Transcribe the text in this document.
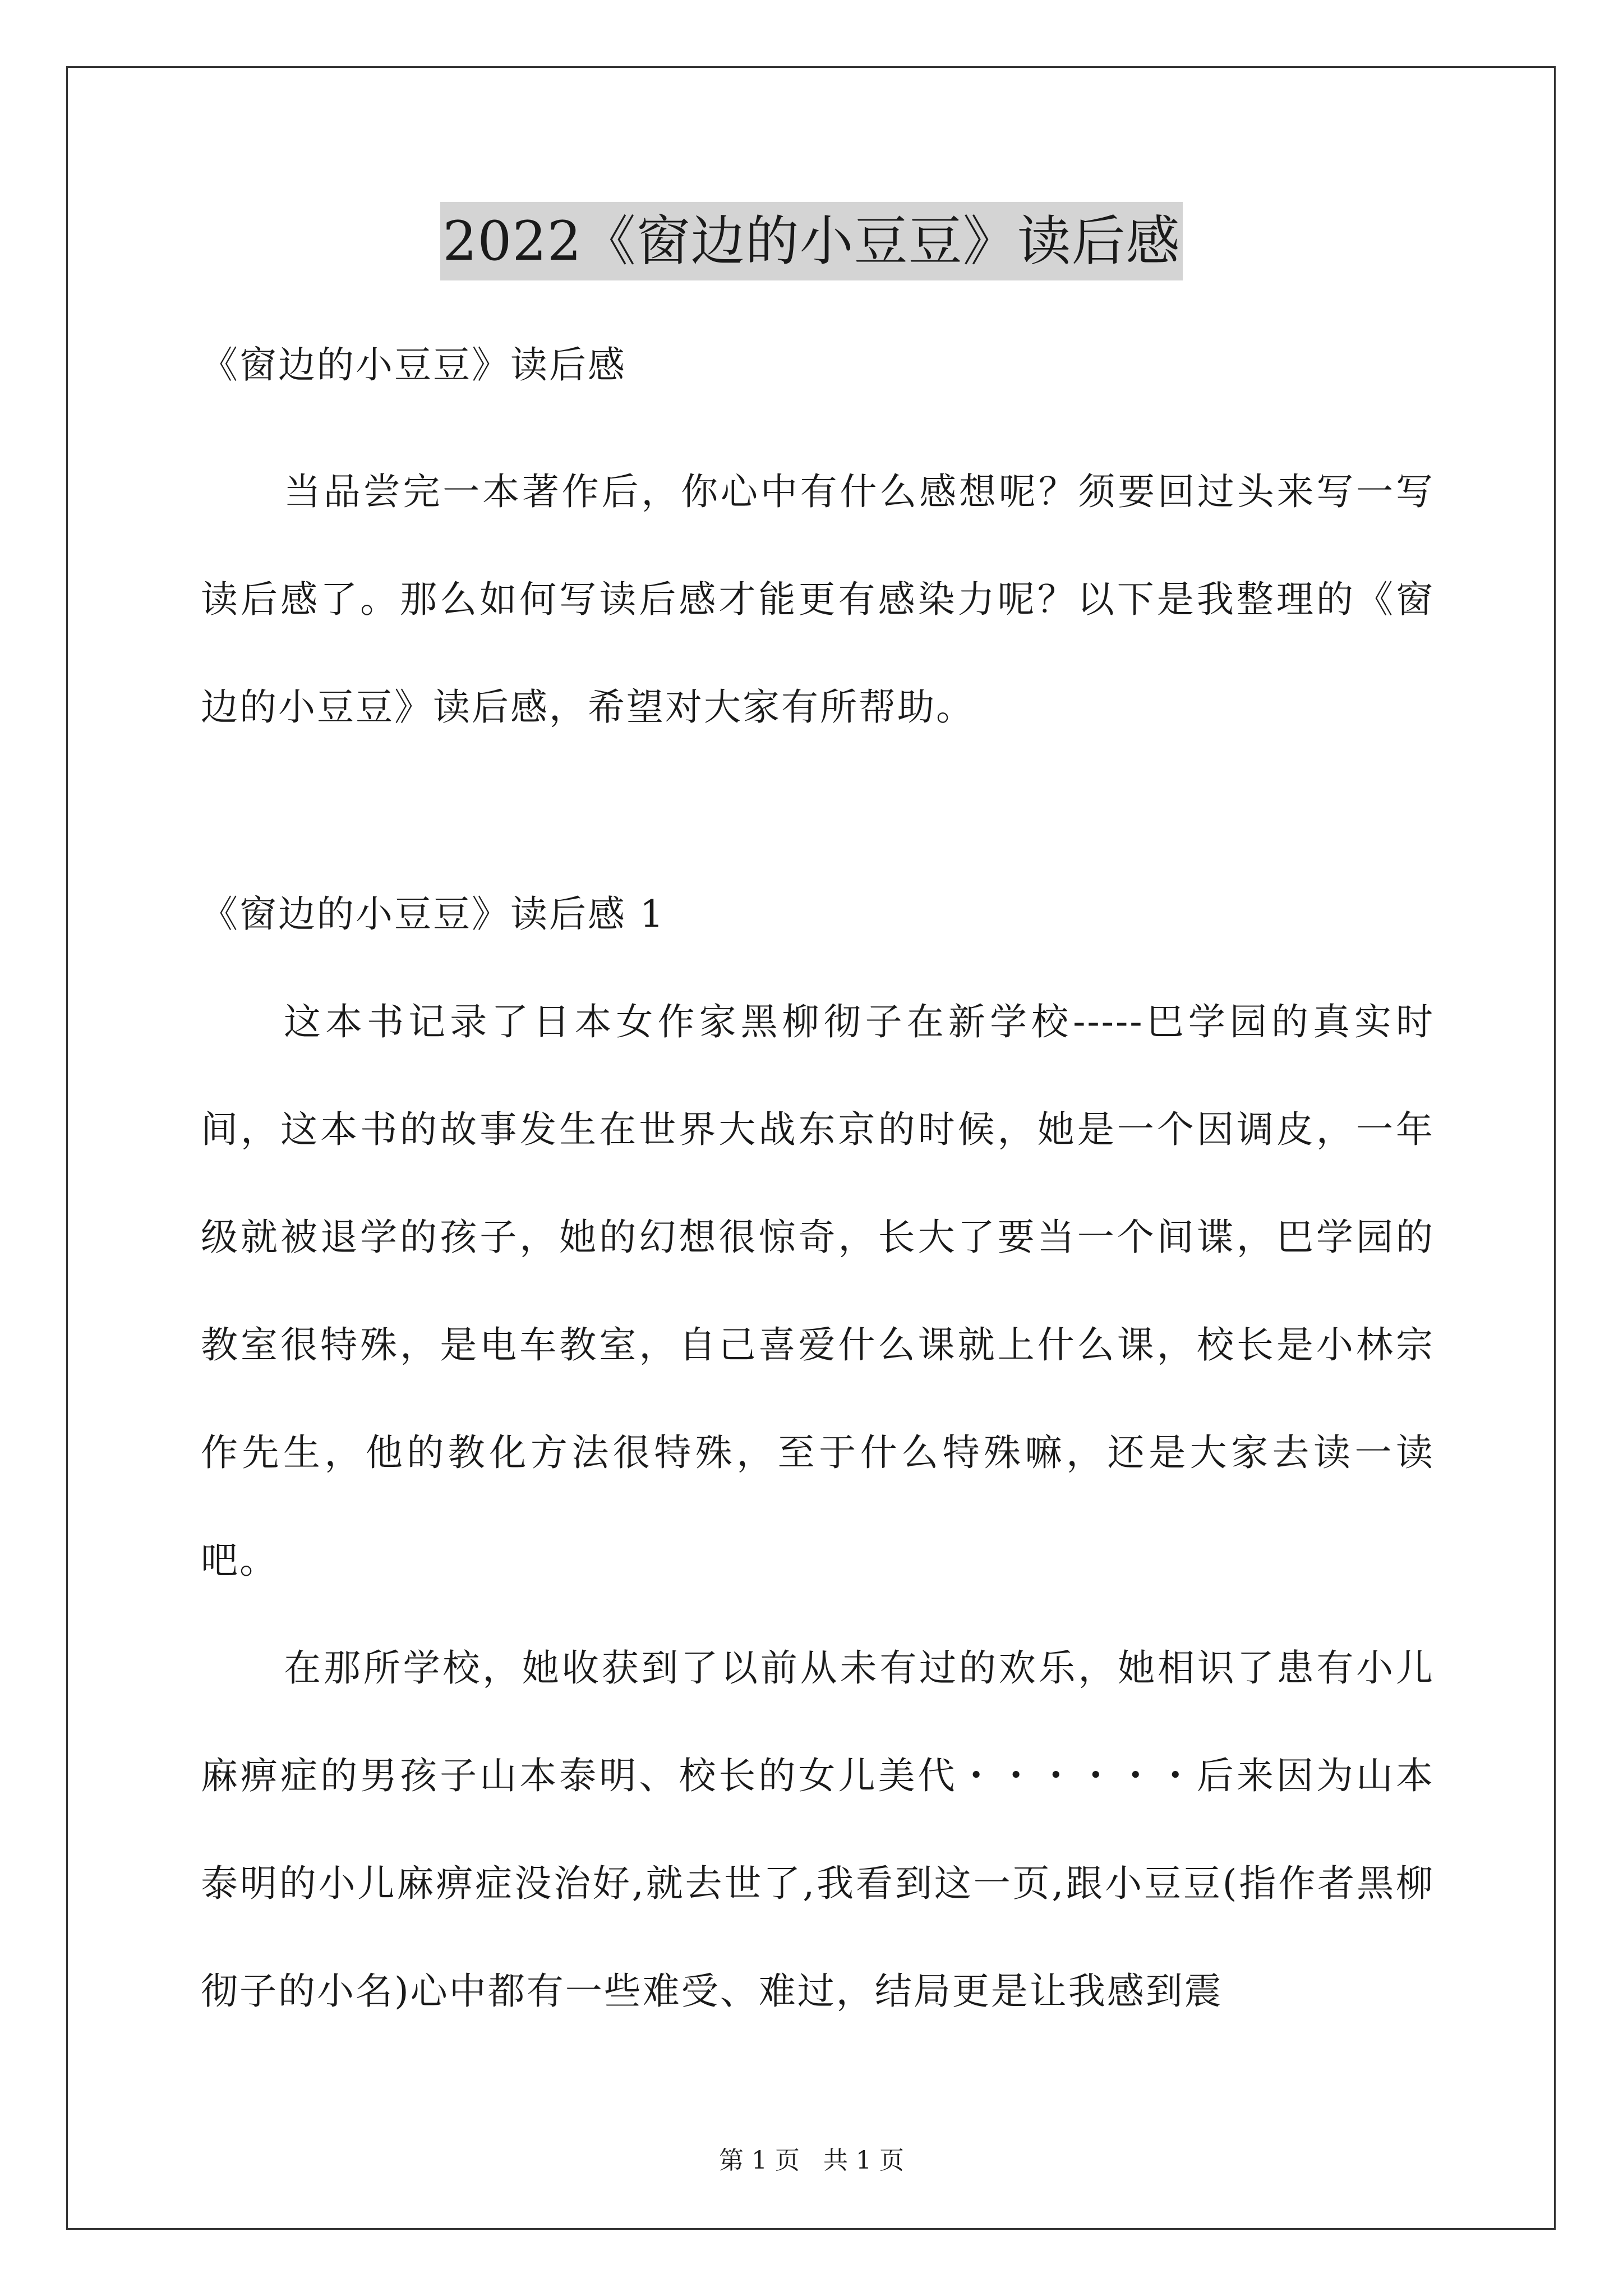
2022《窗边的小豆豆》读后感

《窗边的小豆豆》读后感

当品尝完一本著作后，你心中有什么感想呢？须要回过头来写一写读后感了。那么如何写读后感才能更有感染力呢？以下是我整理的《窗边的小豆豆》读后感，希望对大家有所帮助。

《窗边的小豆豆》读后感 1

这本书记录了日本女作家黑柳彻子在新学校-----巴学园的真实时间，这本书的故事发生在世界大战东京的时候，她是一个因调皮，一年级就被退学的孩子，她的幻想很惊奇，长大了要当一个间谍，巴学园的教室很特殊，是电车教室，自己喜爱什么课就上什么课，校长是小林宗作先生，他的教化方法很特殊，至于什么特殊嘛，还是大家去读一读吧。

在那所学校，她收获到了以前从未有过的欢乐，她相识了患有小儿麻痹症的男孩子山本泰明、校长的女儿美代・・・・・・后来因为山本泰明的小儿麻痹症没治好,就去世了,我看到这一页,跟小豆豆(指作者黑柳彻子的小名)心中都有一些难受、难过，结局更是让我感到震

第 1 页   共 1 页
